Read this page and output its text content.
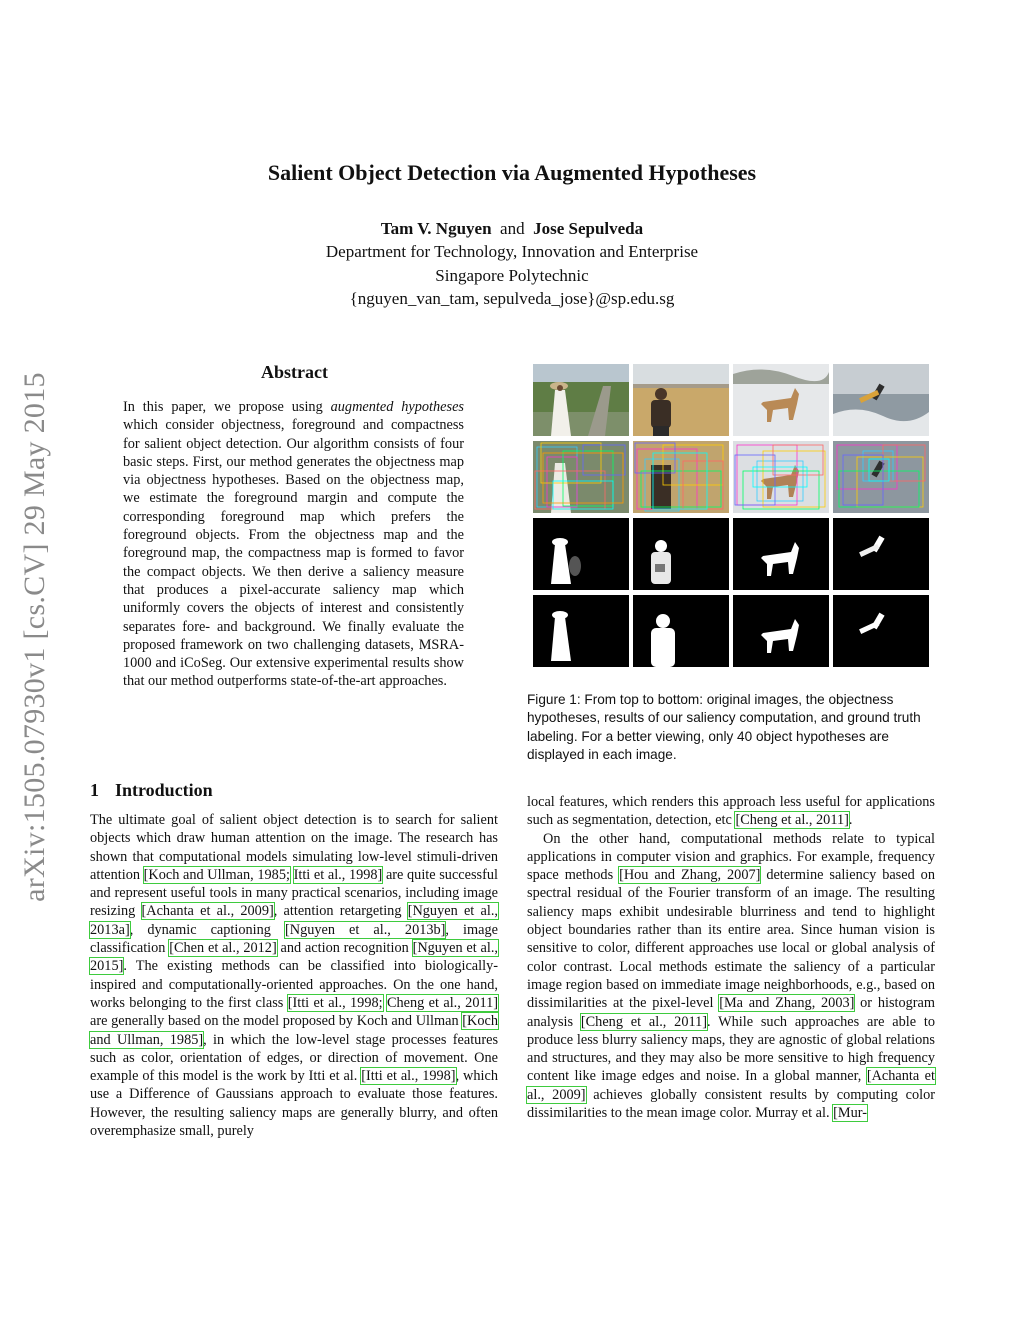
arXiv:1505.07930v1 [cs.CV] 29 May 2015
Salient Object Detection via Augmented Hypotheses
Tam V. Nguyen and Jose Sepulveda
Department for Technology, Innovation and Enterprise
Singapore Polytechnic
{nguyen_van_tam, sepulveda_jose}@sp.edu.sg
Abstract
In this paper, we propose using augmented hypotheses which consider objectness, foreground and compactness for salient object detection. Our algorithm consists of four basic steps. First, our method generates the objectness map via objectness hypotheses. Based on the objectness map, we estimate the foreground margin and compute the corresponding foreground map which prefers the foreground objects. From the objectness map and the foreground map, the compactness map is formed to favor the compact objects. We then derive a saliency measure that produces a pixel-accurate saliency map which uniformly covers the objects of interest and consistently separates fore- and background. We finally evaluate the proposed framework on two challenging datasets, MSRA-1000 and iCoSeg. Our extensive experimental results show that our method outperforms state-of-the-art approaches.
1 Introduction
The ultimate goal of salient object detection is to search for salient objects which draw human attention on the image. The research has shown that computational models simulating low-level stimuli-driven attention [Koch and Ullman, 1985; Itti et al., 1998] are quite successful and represent useful tools in many practical scenarios, including image resizing [Achanta et al., 2009], attention retargeting [Nguyen et al., 2013a], dynamic captioning [Nguyen et al., 2013b], image classification [Chen et al., 2012] and action recognition [Nguyen et al., 2015]. The existing methods can be classified into biologically-inspired and computationally-oriented approaches. On the one hand, works belonging to the first class [Itti et al., 1998; Cheng et al., 2011] are generally based on the model proposed by Koch and Ullman [Koch and Ullman, 1985], in which the low-level stage processes features such as color, orientation of edges, or direction of movement. One example of this model is the work by Itti et al. [Itti et al., 1998], which use a Difference of Gaussians approach to evaluate those features. However, the resulting saliency maps are generally blurry, and often overemphasize small, purely
Figure 1: From top to bottom: original images, the objectness hypotheses, results of our saliency computation, and ground truth labeling. For a better viewing, only 40 object hypotheses are displayed in each image.
local features, which renders this approach less useful for applications such as segmentation, detection, etc [Cheng et al., 2011].
On the other hand, computational methods relate to typical applications in computer vision and graphics. For example, frequency space methods [Hou and Zhang, 2007] determine saliency based on spectral residual of the Fourier transform of an image. The resulting saliency maps exhibit undesirable blurriness and tend to highlight object boundaries rather than its entire area. Since human vision is sensitive to color, different approaches use local or global analysis of color contrast. Local methods estimate the saliency of a particular image region based on immediate image neighborhoods, e.g., based on dissimilarities at the pixel-level [Ma and Zhang, 2003] or histogram analysis [Cheng et al., 2011]. While such approaches are able to produce less blurry saliency maps, they are agnostic of global relations and structures, and they may also be more sensitive to high frequency content like image edges and noise. In a global manner, [Achanta et al., 2009] achieves globally consistent results by computing color dissimilarities to the mean image color. Murray et al. [Mur-
